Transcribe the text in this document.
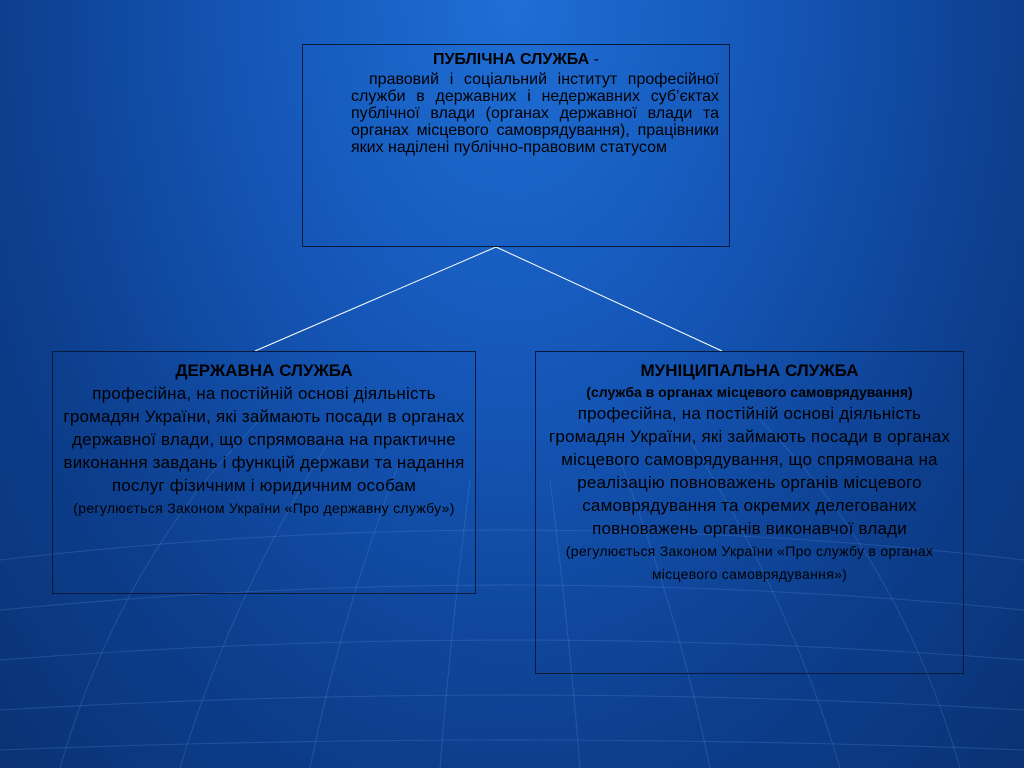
ПУБЛІЧНА СЛУЖБА -
правовий і соціальний інститут професійної служби в державних і недержавних суб’єктах публічної влади (органах державної влади та органах місцевого самоврядування), працівники яких наділені публічно-правовим статусом
ДЕРЖАВНА СЛУЖБА
професійна, на постійній основі діяльність громадян України, які займають посади в органах державної влади, що спрямована на практичне виконання завдань і функцій держави та надання послуг фізичним і юридичним особам
(регулюється Законом України «Про державну службу»)
МУНІЦИПАЛЬНА СЛУЖБА
(служба в органах місцевого самоврядування)
професійна, на постійній основі діяльність громадян України, які займають посади в органах місцевого самоврядування, що спрямована на реалізацію повноважень органів місцевого самоврядування та окремих делегованих повноважень органів виконавчої влади
(регулюється Законом України «Про службу в органах місцевого самоврядування»)
